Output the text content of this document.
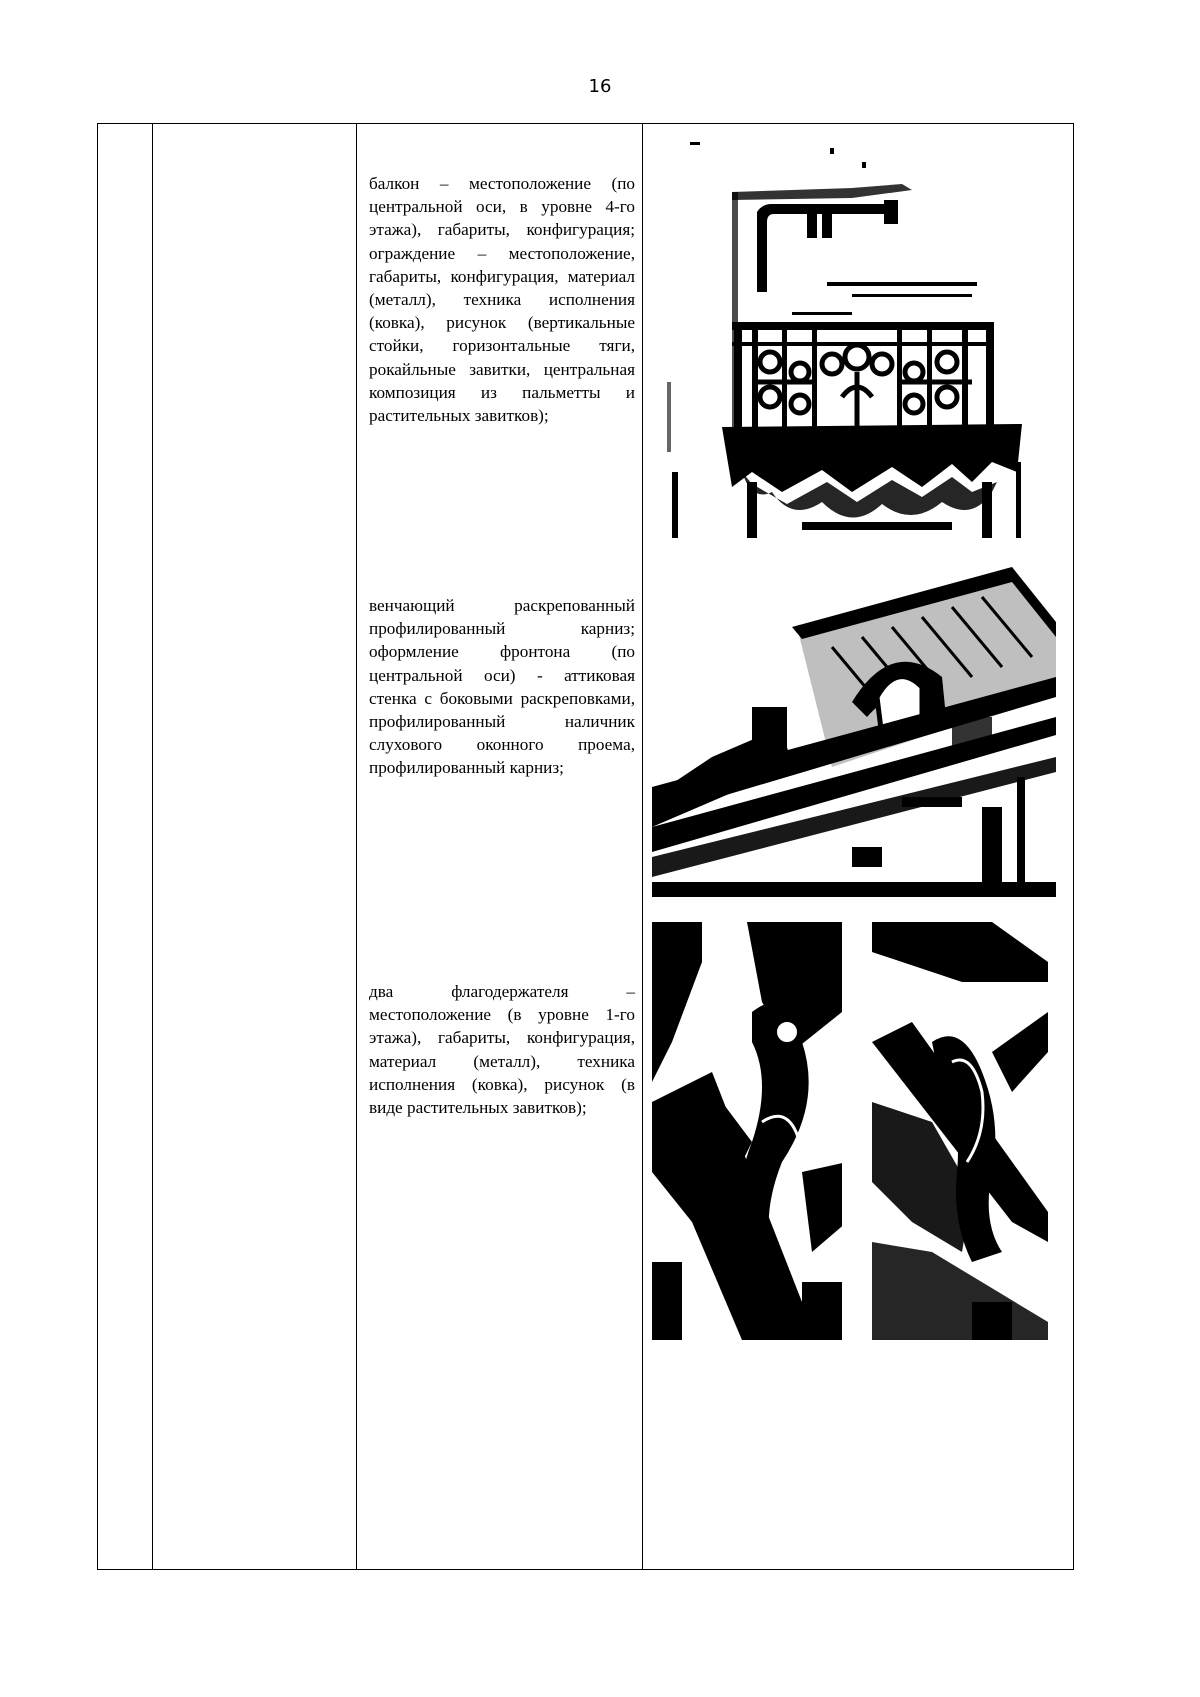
16

балкон – местоположение (по центральной оси, в уровне 4-го этажа), габариты, конфигурация; ограждение – местоположение, габариты, конфигурация, материал (металл), техника исполнения (ковка), рисунок (вертикальные стойки, горизонтальные тяги, рокайльные завитки, центральная композиция из пальметты и растительных завитков);

венчающий раскрепованный профилированный карниз; оформление фронтона (по центральной оси) - аттиковая стенка с боковыми раскреповками, профилированный наличник слухового оконного проема, профилированный карниз;

два флагодержателя – местоположение (в уровне 1-го этажа), габариты, конфигурация, материал (металл), техника исполнения (ковка), рисунок (в виде растительных завитков);
